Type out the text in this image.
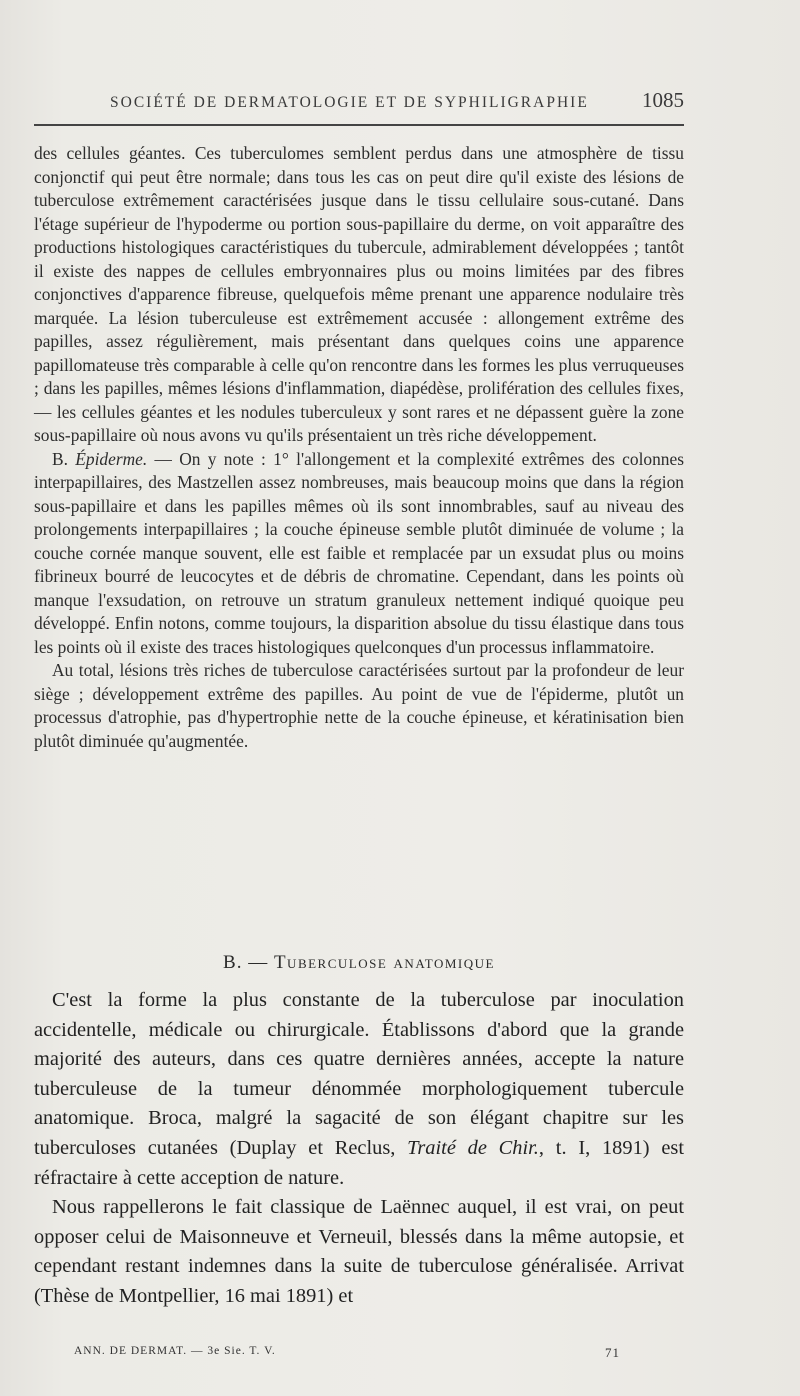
SOCIÉTÉ DE DERMATOLOGIE ET DE SYPHILIGRAPHIE	1085

des cellules géantes. Ces tuberculomes semblent perdus dans une atmosphère de tissu conjonctif qui peut être normale; dans tous les cas on peut dire qu'il existe des lésions de tuberculose extrêmement caractérisées jusque dans le tissu cellulaire sous-cutané. Dans l'étage supérieur de l'hypoderme ou portion sous-papillaire du derme, on voit apparaître des productions histologiques caractéristiques du tubercule, admirablement développées ; tantôt il existe des nappes de cellules embryonnaires plus ou moins limitées par des fibres conjonctives d'apparence fibreuse, quelquefois même prenant une apparence nodulaire très marquée. La lésion tuberculeuse est extrêmement accusée : allongement extrême des papilles, assez régulièrement, mais présentant dans quelques coins une apparence papillomateuse très comparable à celle qu'on rencontre dans les formes les plus verruqueuses ; dans les papilles, mêmes lésions d'inflammation, diapédèse, prolifération des cellules fixes, — les cellules géantes et les nodules tuberculeux y sont rares et ne dépassent guère la zone sous-papillaire où nous avons vu qu'ils présentaient un très riche développement.

B. Épiderme. — On y note : 1° l'allongement et la complexité extrêmes des colonnes interpapillaires, des Mastzellen assez nombreuses, mais beaucoup moins que dans la région sous-papillaire et dans les papilles mêmes où ils sont innombrables, sauf au niveau des prolongements interpapillaires ; la couche épineuse semble plutôt diminuée de volume ; la couche cornée manque souvent, elle est faible et remplacée par un exsudat plus ou moins fibrineux bourré de leucocytes et de débris de chromatine. Cependant, dans les points où manque l'exsudation, on retrouve un stratum granuleux nettement indiqué quoique peu développé. Enfin notons, comme toujours, la disparition absolue du tissu élastique dans tous les points où il existe des traces histologiques quelconques d'un processus inflammatoire.

Au total, lésions très riches de tuberculose caractérisées surtout par la profondeur de leur siège ; développement extrême des papilles. Au point de vue de l'épiderme, plutôt un processus d'atrophie, pas d'hypertrophie nette de la couche épineuse, et kératinisation bien plutôt diminuée qu'augmentée.

B. — Tuberculose anatomique

C'est la forme la plus constante de la tuberculose par inoculation accidentelle, médicale ou chirurgicale. Établissons d'abord que la grande majorité des auteurs, dans ces quatre dernières années, accepte la nature tuberculeuse de la tumeur dénommée morphologiquement tubercule anatomique. Broca, malgré la sagacité de son élégant chapitre sur les tuberculoses cutanées (Duplay et Reclus, Traité de Chir., t. I, 1891) est réfractaire à cette acception de nature.

Nous rappellerons le fait classique de Laënnec auquel, il est vrai, on peut opposer celui de Maisonneuve et Verneuil, blessés dans la même autopsie, et cependant restant indemnes dans la suite de tuberculose généralisée. Arrivat (Thèse de Montpellier, 16 mai 1891) et

ANN. DE DERMAT. — 3e Sie. T. V.	71
